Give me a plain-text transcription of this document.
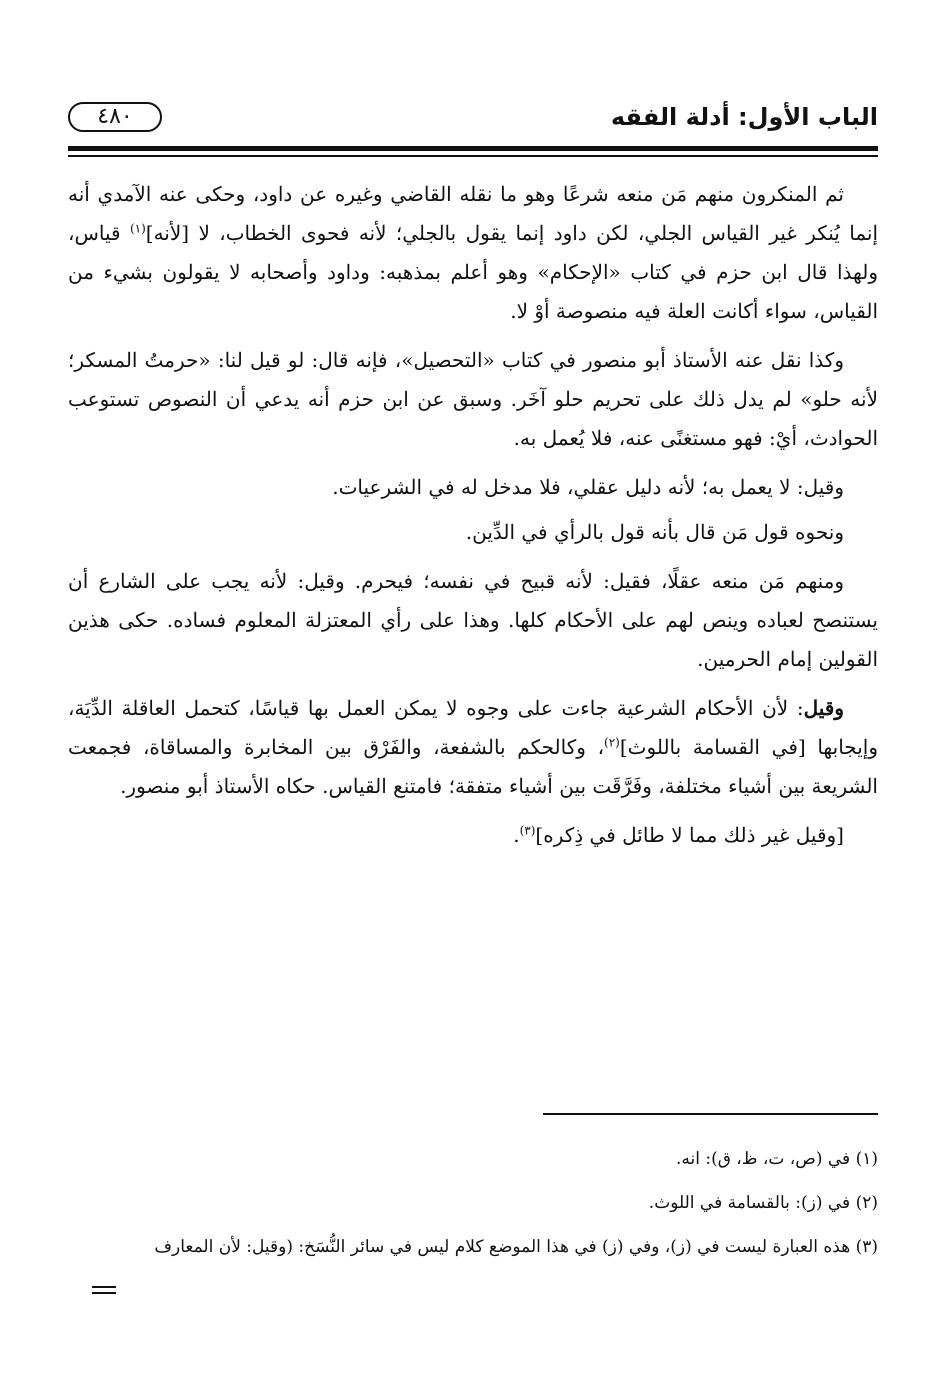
الباب الأول: أدلة الفقه
٤٨٠

ثم المنكرون منهم مَن منعه شرعًا وهو ما نقله القاضي وغيره عن داود، وحكى عنه الآمدي أنه إنما يُنكر غير القياس الجلي، لكن داود إنما يقول بالجلي؛ لأنه فحوى الخطاب، لا [لأنه]$^{(١)}$ قياس، ولهذا قال ابن حزم في كتاب «الإحكام» وهو أعلم بمذهبه: وداود وأصحابه لا يقولون بشيء من القياس، سواء أكانت العلة فيه منصوصة أوْ لا.

وكذا نقل عنه الأستاذ أبو منصور في كتاب «التحصيل»، فإنه قال: لو قيل لنا: «حرمتُ المسكر؛ لأنه حلو» لم يدل ذلك على تحريم حلو آخَر. وسبق عن ابن حزم أنه يدعي أن النصوص تستوعب الحوادث، أيْ: فهو مستغنًى عنه، فلا يُعمل به.

وقيل: لا يعمل به؛ لأنه دليل عقلي، فلا مدخل له في الشرعيات.

ونحوه قول مَن قال بأنه قول بالرأي في الدِّين.

ومنهم مَن منعه عقلًا، فقيل: لأنه قبيح في نفسه؛ فيحرم. وقيل: لأنه يجب على الشارع أن يستنصح لعباده وينص لهم على الأحكام كلها. وهذا على رأي المعتزلة المعلوم فساده. حكى هذين القولين إمام الحرمين.

وقيل: لأن الأحكام الشرعية جاءت على وجوه لا يمكن العمل بها قياسًا، كتحمل العاقلة الدِّيَة، وإيجابها [في القسامة باللوث]$^{(٢)}$، وكالحكم بالشفعة، والفَرْق بين المخابرة والمساقاة، فجمعت الشريعة بين أشياء مختلفة، وفَرَّقَت بين أشياء متفقة؛ فامتنع القياس. حكاه الأستاذ أبو منصور.

[وقيل غير ذلك مما لا طائل في ذِكره]$^{(٣)}$.

(١) في (ص، ت، ظ، ق): انه.

(٢) في (ز): بالقسامة في اللوث.

(٣) هذه العبارة ليست في (ز)، وفي (ز) في هذا الموضع كلام ليس في سائر النُّسَخ: (وقيل: لأن المعارف
